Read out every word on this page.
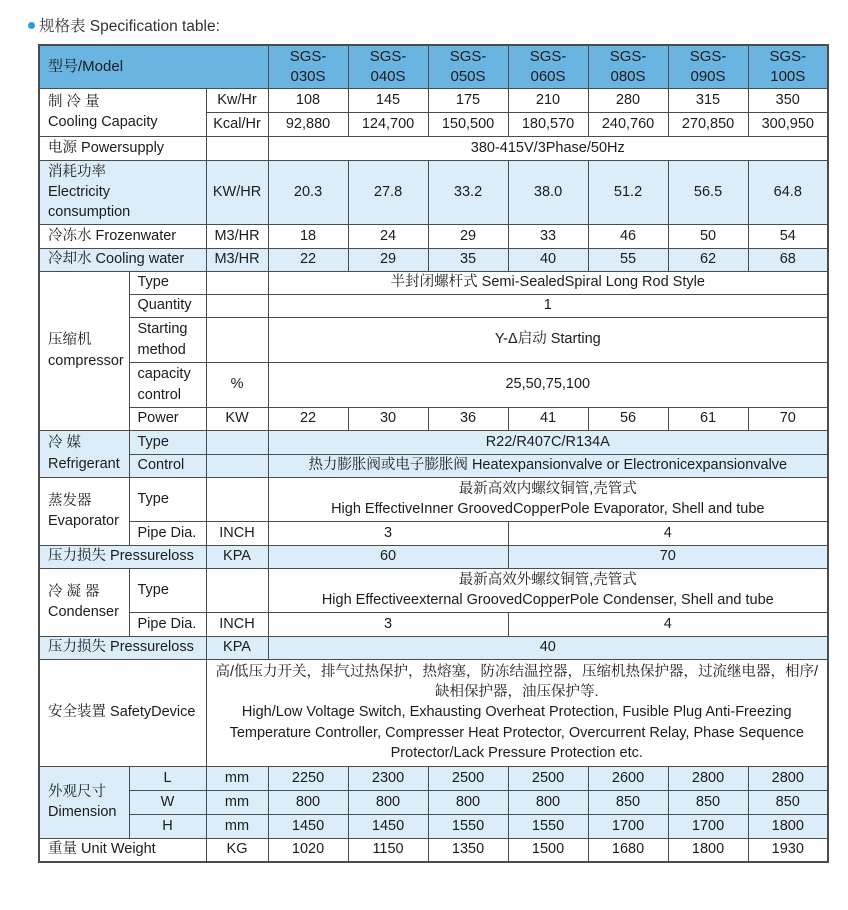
规格表 Specification table:
型号/Model			SGS-030S	SGS-040S	SGS-050S	SGS-060S	SGS-080S	SGS-090S	SGS-100S

制 冷 量
Cooling Capacity		Kw/Hr	108	145	175	210	280	315	350
		Kcal/Hr	92,880	124,700	150,500	180,570	240,760	270,850	300,950
电源 Powersupply			380-415V/3Phase/50Hz						

消耗功率
Electricity
consumption		KW/HR	20.3	27.8	33.2	38.0	51.2	56.5	64.8
冷冻水 Frozenwater		M3/HR	18	24	29	33	46	50	54
冷却水 Cooling water		M3/HR	22	29	35	40	55	62	68

压缩机
compressor	Type		半封闭螺杆式 Semi-SealedSpiral Long Rod Style						
	Quantity		1						

	Starting
method		Y-Δ启动 Starting						

	capacity
control	%	25,50,75,100						
	Power	KW	22	30	36	41	56	61	70

冷 媒
Refrigerant	Type		R22/R407C/R134A						
	Control		热力膨胀阀或电子膨胀阀 Heatexpansionvalve or Electronicexpansionvalve						

蒸发器
Evaporator
	Type		
最新高效内螺纹铜管,壳管式
High EffectiveInner GroovedCopperPole Evaporator, Shell and tube

	Pipe Dia.	INCH	3			4			
压力损失 Pressureloss		KPA	60			70			

冷 凝 器
Condenser
	Type		
最新高效外螺纹铜管,壳管式
High Effectiveexternal GroovedCopperPole Condenser, Shell and tube

	Pipe Dia.	INCH	3			4			
压力损失 Pressureloss		KPA	40						
安全装置 SafetyDevice		高/低压力开关，排气过热保护，热熔塞，防冻结温控器，压缩机热保护器，过流继电器，相序/缺相保护器，油压保护等.
High/Low Voltage Switch, Exhausting Overheat Protection, Fusible Plug Anti-Freezing Temperature Controller, Compresser Heat Protector, Overcurrent Relay, Phase Sequence Protector/Lack Pressure Protection etc.							

外观尺寸
Dimension	L	mm	2250	2300	2500	2500	2600	2800	2800
	W	mm	800	800	800	800	850	850	850
	H	mm	1450	1450	1550	1550	1700	1700	1800
重量 Unit Weight		KG	1020	1150	1350	1500	1680	1800	1930
